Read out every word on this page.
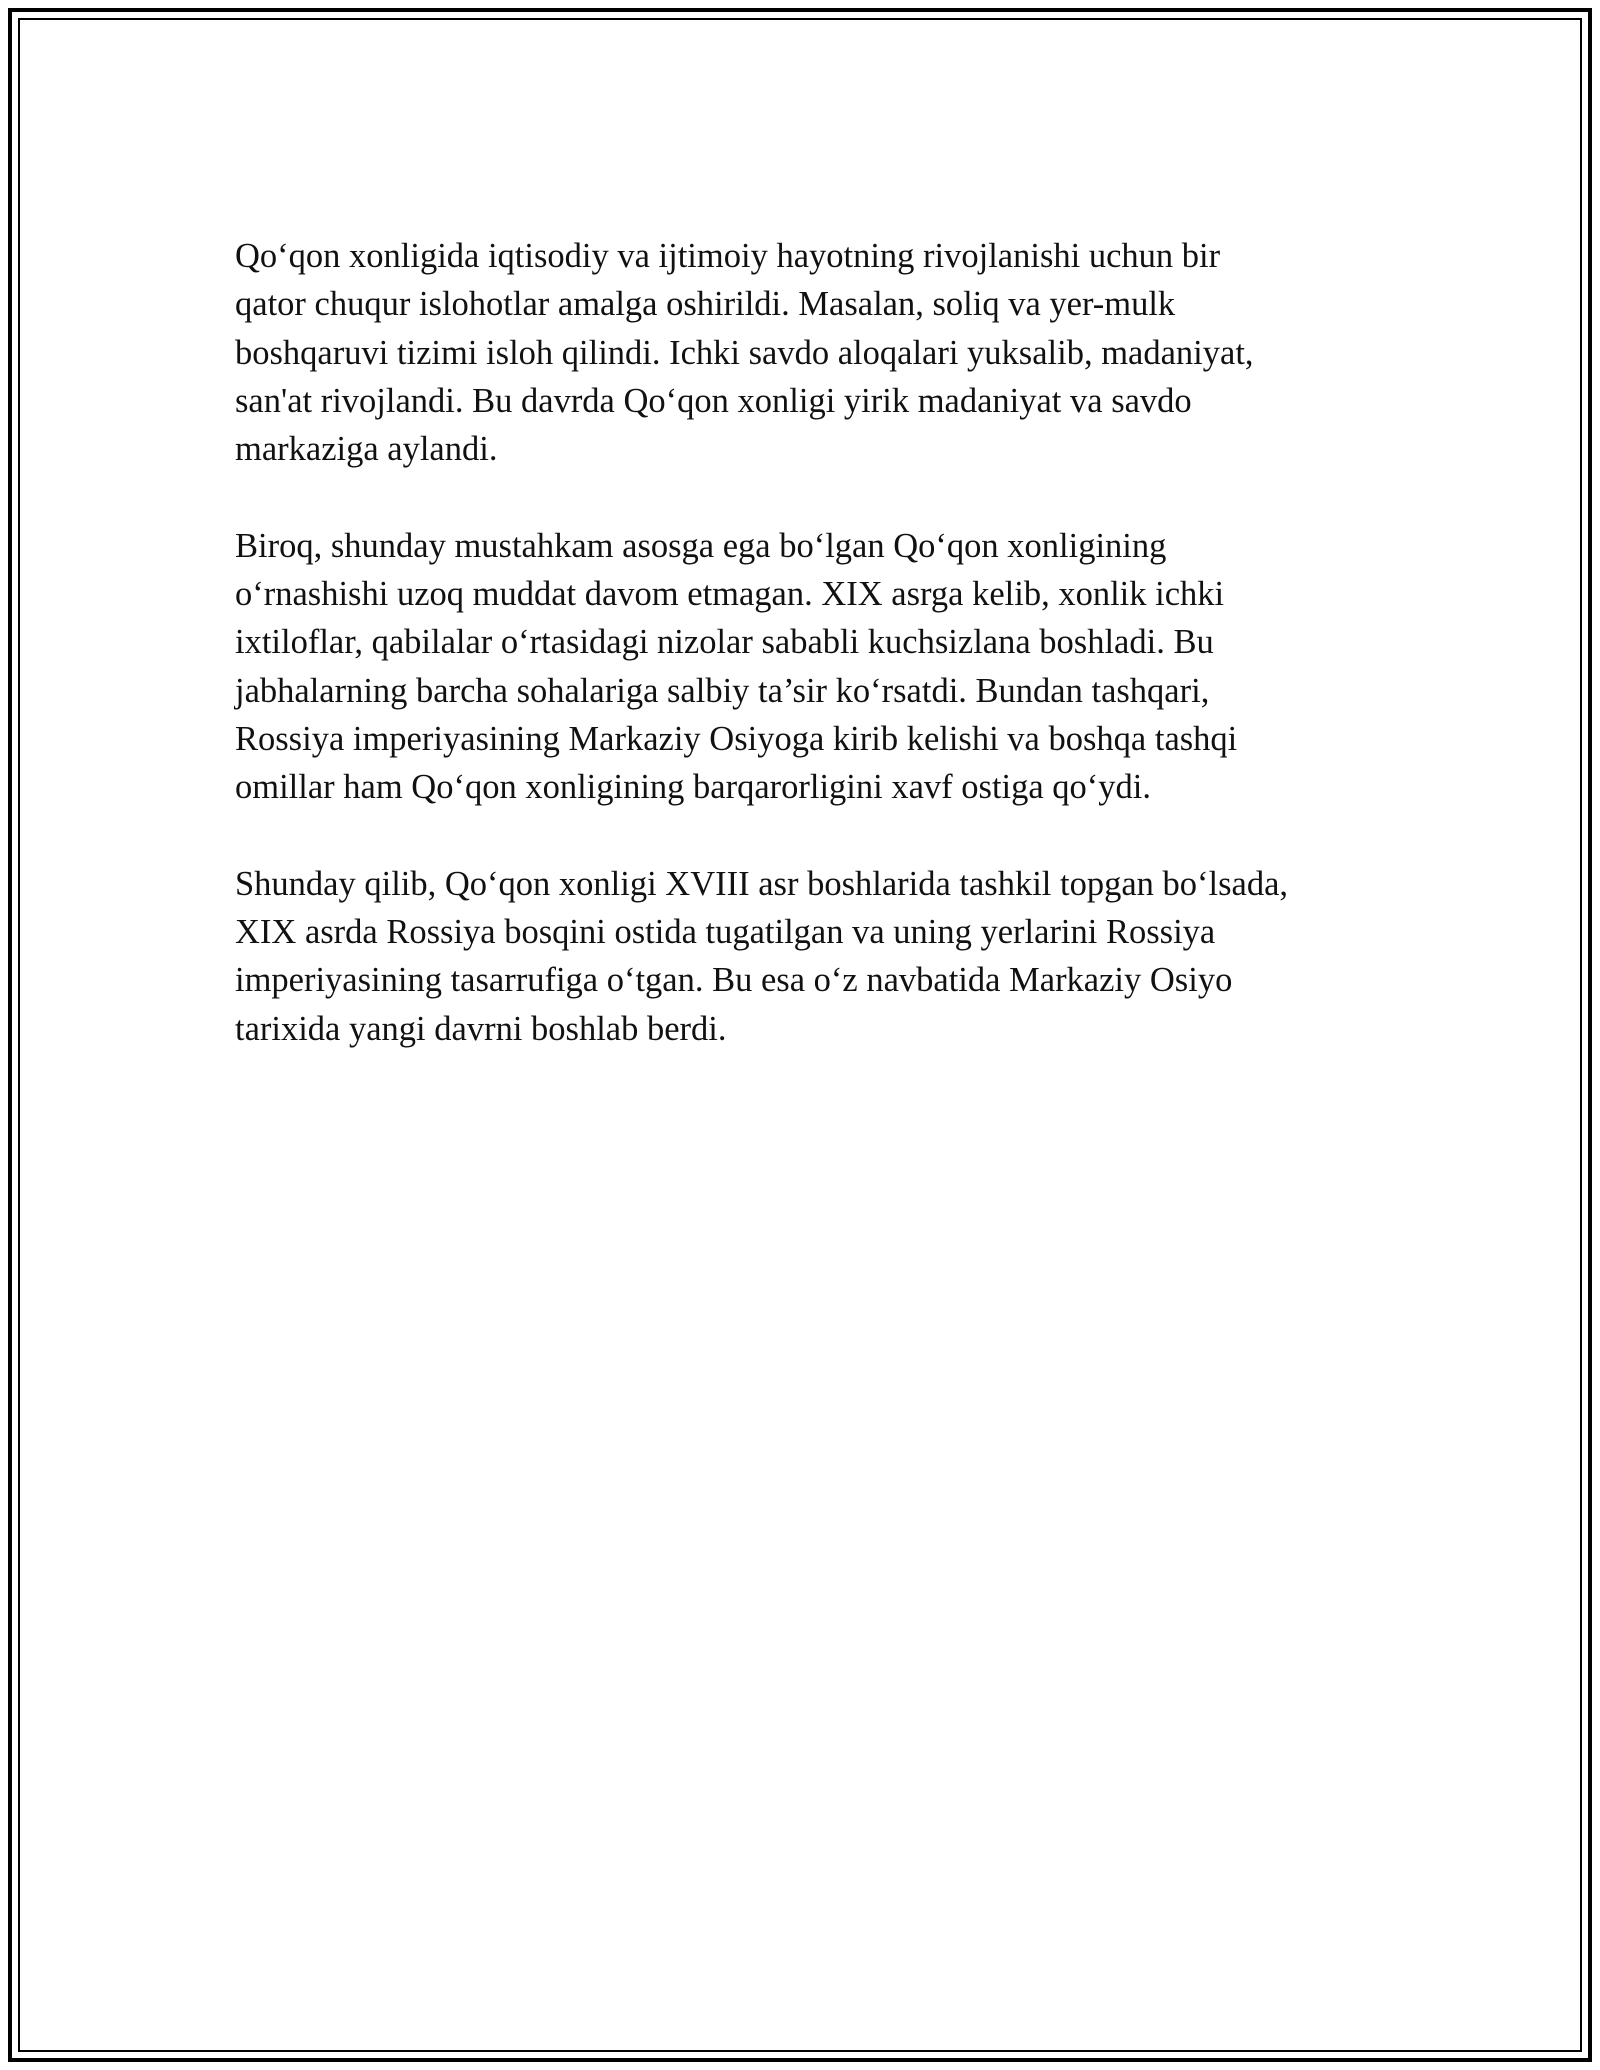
Qo‘qon xonligida iqtisodiy va ijtimoiy hayotning rivojlanishi uchun bir
qator chuqur islohotlar amalga oshirildi. Masalan, soliq va yer-mulk
boshqaruvi tizimi isloh qilindi. Ichki savdo aloqalari yuksalib, madaniyat,
san'at rivojlandi. Bu davrda Qo‘qon xonligi yirik madaniyat va savdo
markaziga aylandi.

Biroq, shunday mustahkam asosga ega bo‘lgan Qo‘qon xonligining
o‘rnashishi uzoq muddat davom etmagan. XIX asrga kelib, xonlik ichki
ixtiloflar, qabilalar o‘rtasidagi nizolar sababli kuchsizlana boshladi. Bu
jabhalarning barcha sohalariga salbiy ta’sir ko‘rsatdi. Bundan tashqari,
Rossiya imperiyasining Markaziy Osiyoga kirib kelishi va boshqa tashqi
omillar ham Qo‘qon xonligining barqarorligini xavf ostiga qo‘ydi.

Shunday qilib, Qo‘qon xonligi XVIII asr boshlarida tashkil topgan bo‘lsada,
XIX asrda Rossiya bosqini ostida tugatilgan va uning yerlarini Rossiya
imperiyasining tasarrufiga o‘tgan. Bu esa o‘z navbatida Markaziy Osiyo
tarixida yangi davrni boshlab berdi.
